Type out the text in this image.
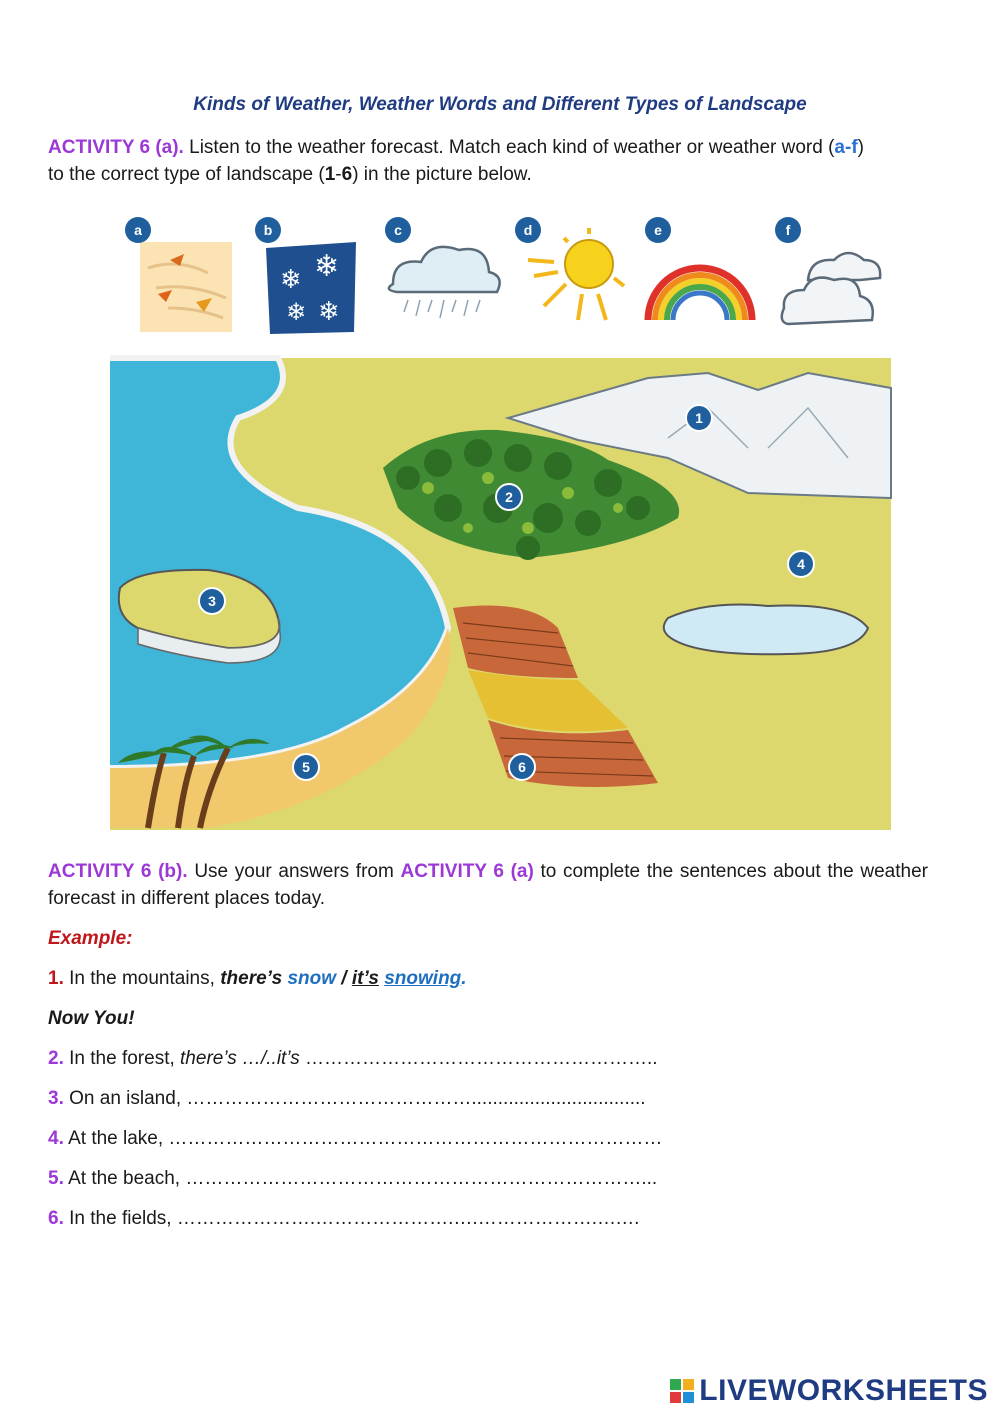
Kinds of Weather, Weather Words and Different Types of Landscape
ACTIVITY 6 (a). Listen to the weather forecast. Match each kind of weather or weather word (a-f)
to the correct type of landscape (1-6) in the picture below.
❄ ❄
❄ ❄
a	b	c	d	e	f
1
2
3
4
5	6
ACTIVITY 6 (b). Use your answers from ACTIVITY 6 (a) to complete the sentences about the weather forecast in different places today.
Example:
1. In the mountains, there’s snow / it’s snowing.
Now You!
2. In the forest, there’s …/..it’s ………………………………………………..
3. On an island, ……………………………………….................................
4. At the lake, ……………………………………………………………………
5. At the beach, ………………………………………………………………...
6. In the fields, ………………….………………….….……………….….…
LIVEWORKSHEETS
